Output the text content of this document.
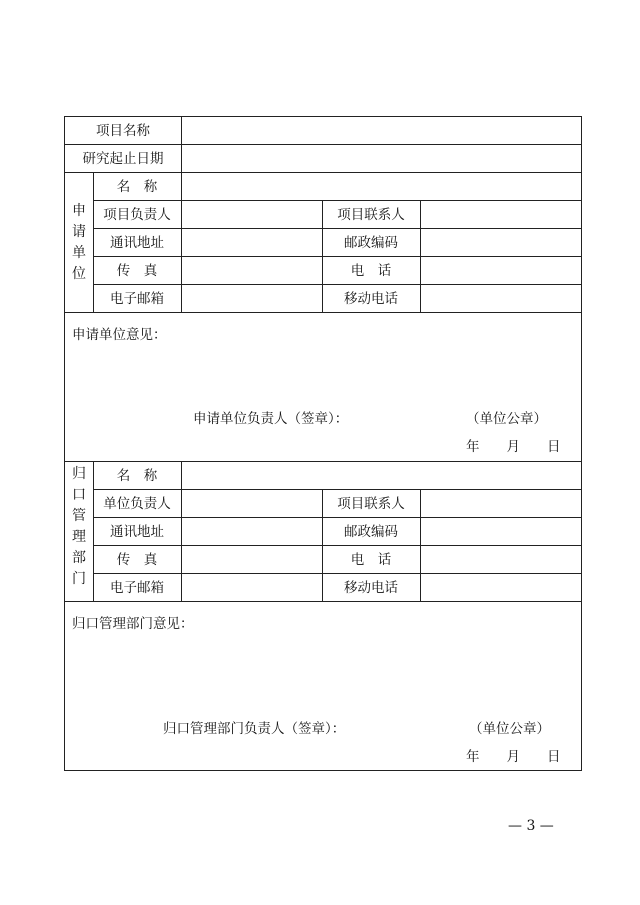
项目名称
研究起止日期
申请单位
名　称
项目负责人	项目联系人
通讯地址	邮政编码
传　真	电　话
电子邮箱	移动电话
申请单位意见：
申请单位负责人（签章）：	（单位公章）
年　　月　　日
归口管理部门
名　称
单位负责人	项目联系人
通讯地址	邮政编码
传　真	电　话
电子邮箱	移动电话
归口管理部门意见：
归口管理部门负责人（签章）：	（单位公章）
年　　月　　日
— 3 —
